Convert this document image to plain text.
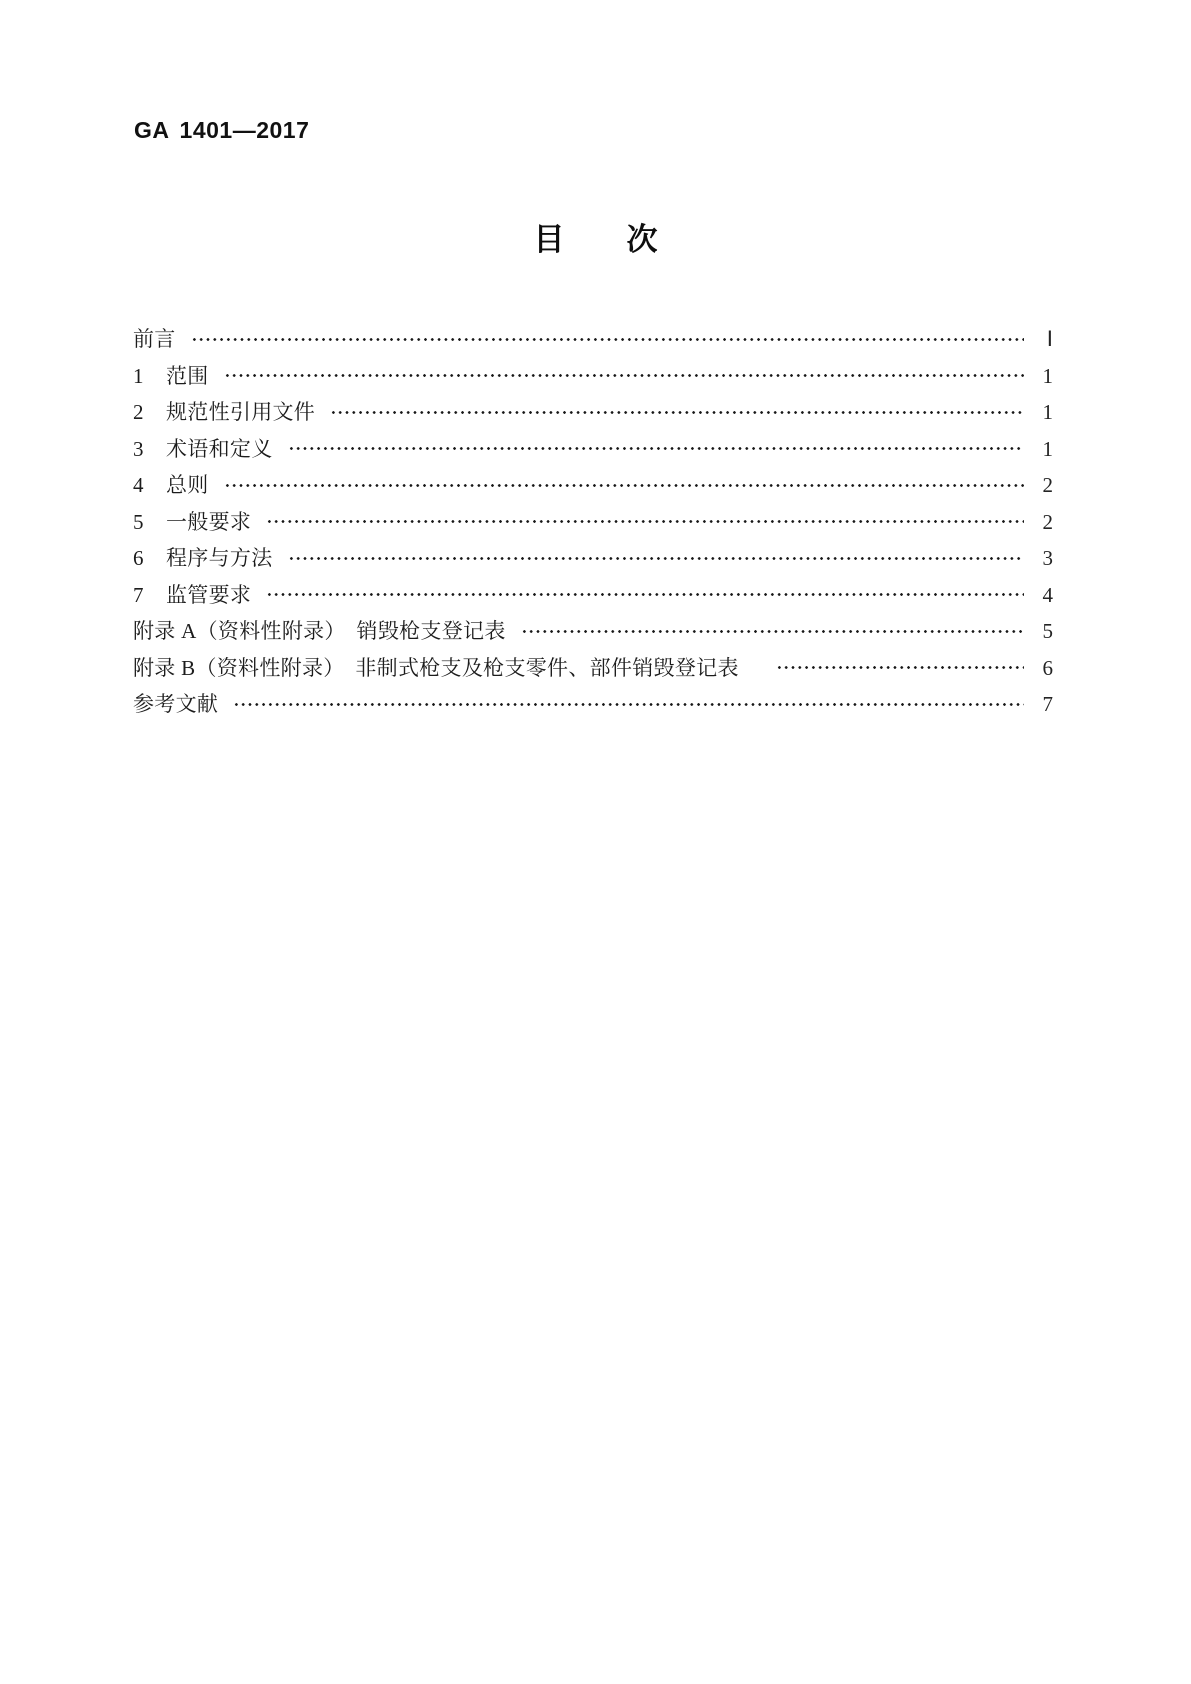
GA 1401—2017
目　　次
前言	Ⅰ
1	范围	1
2	规范性引用文件	1
3	术语和定义	1
4	总则	2
5	一般要求	2
6	程序与方法	3
7	监管要求	4
附录 A（资料性附录）　销毁枪支登记表	5
附录 B（资料性附录）　非制式枪支及枪支零件、部件销毁登记表	6
参考文献	7
